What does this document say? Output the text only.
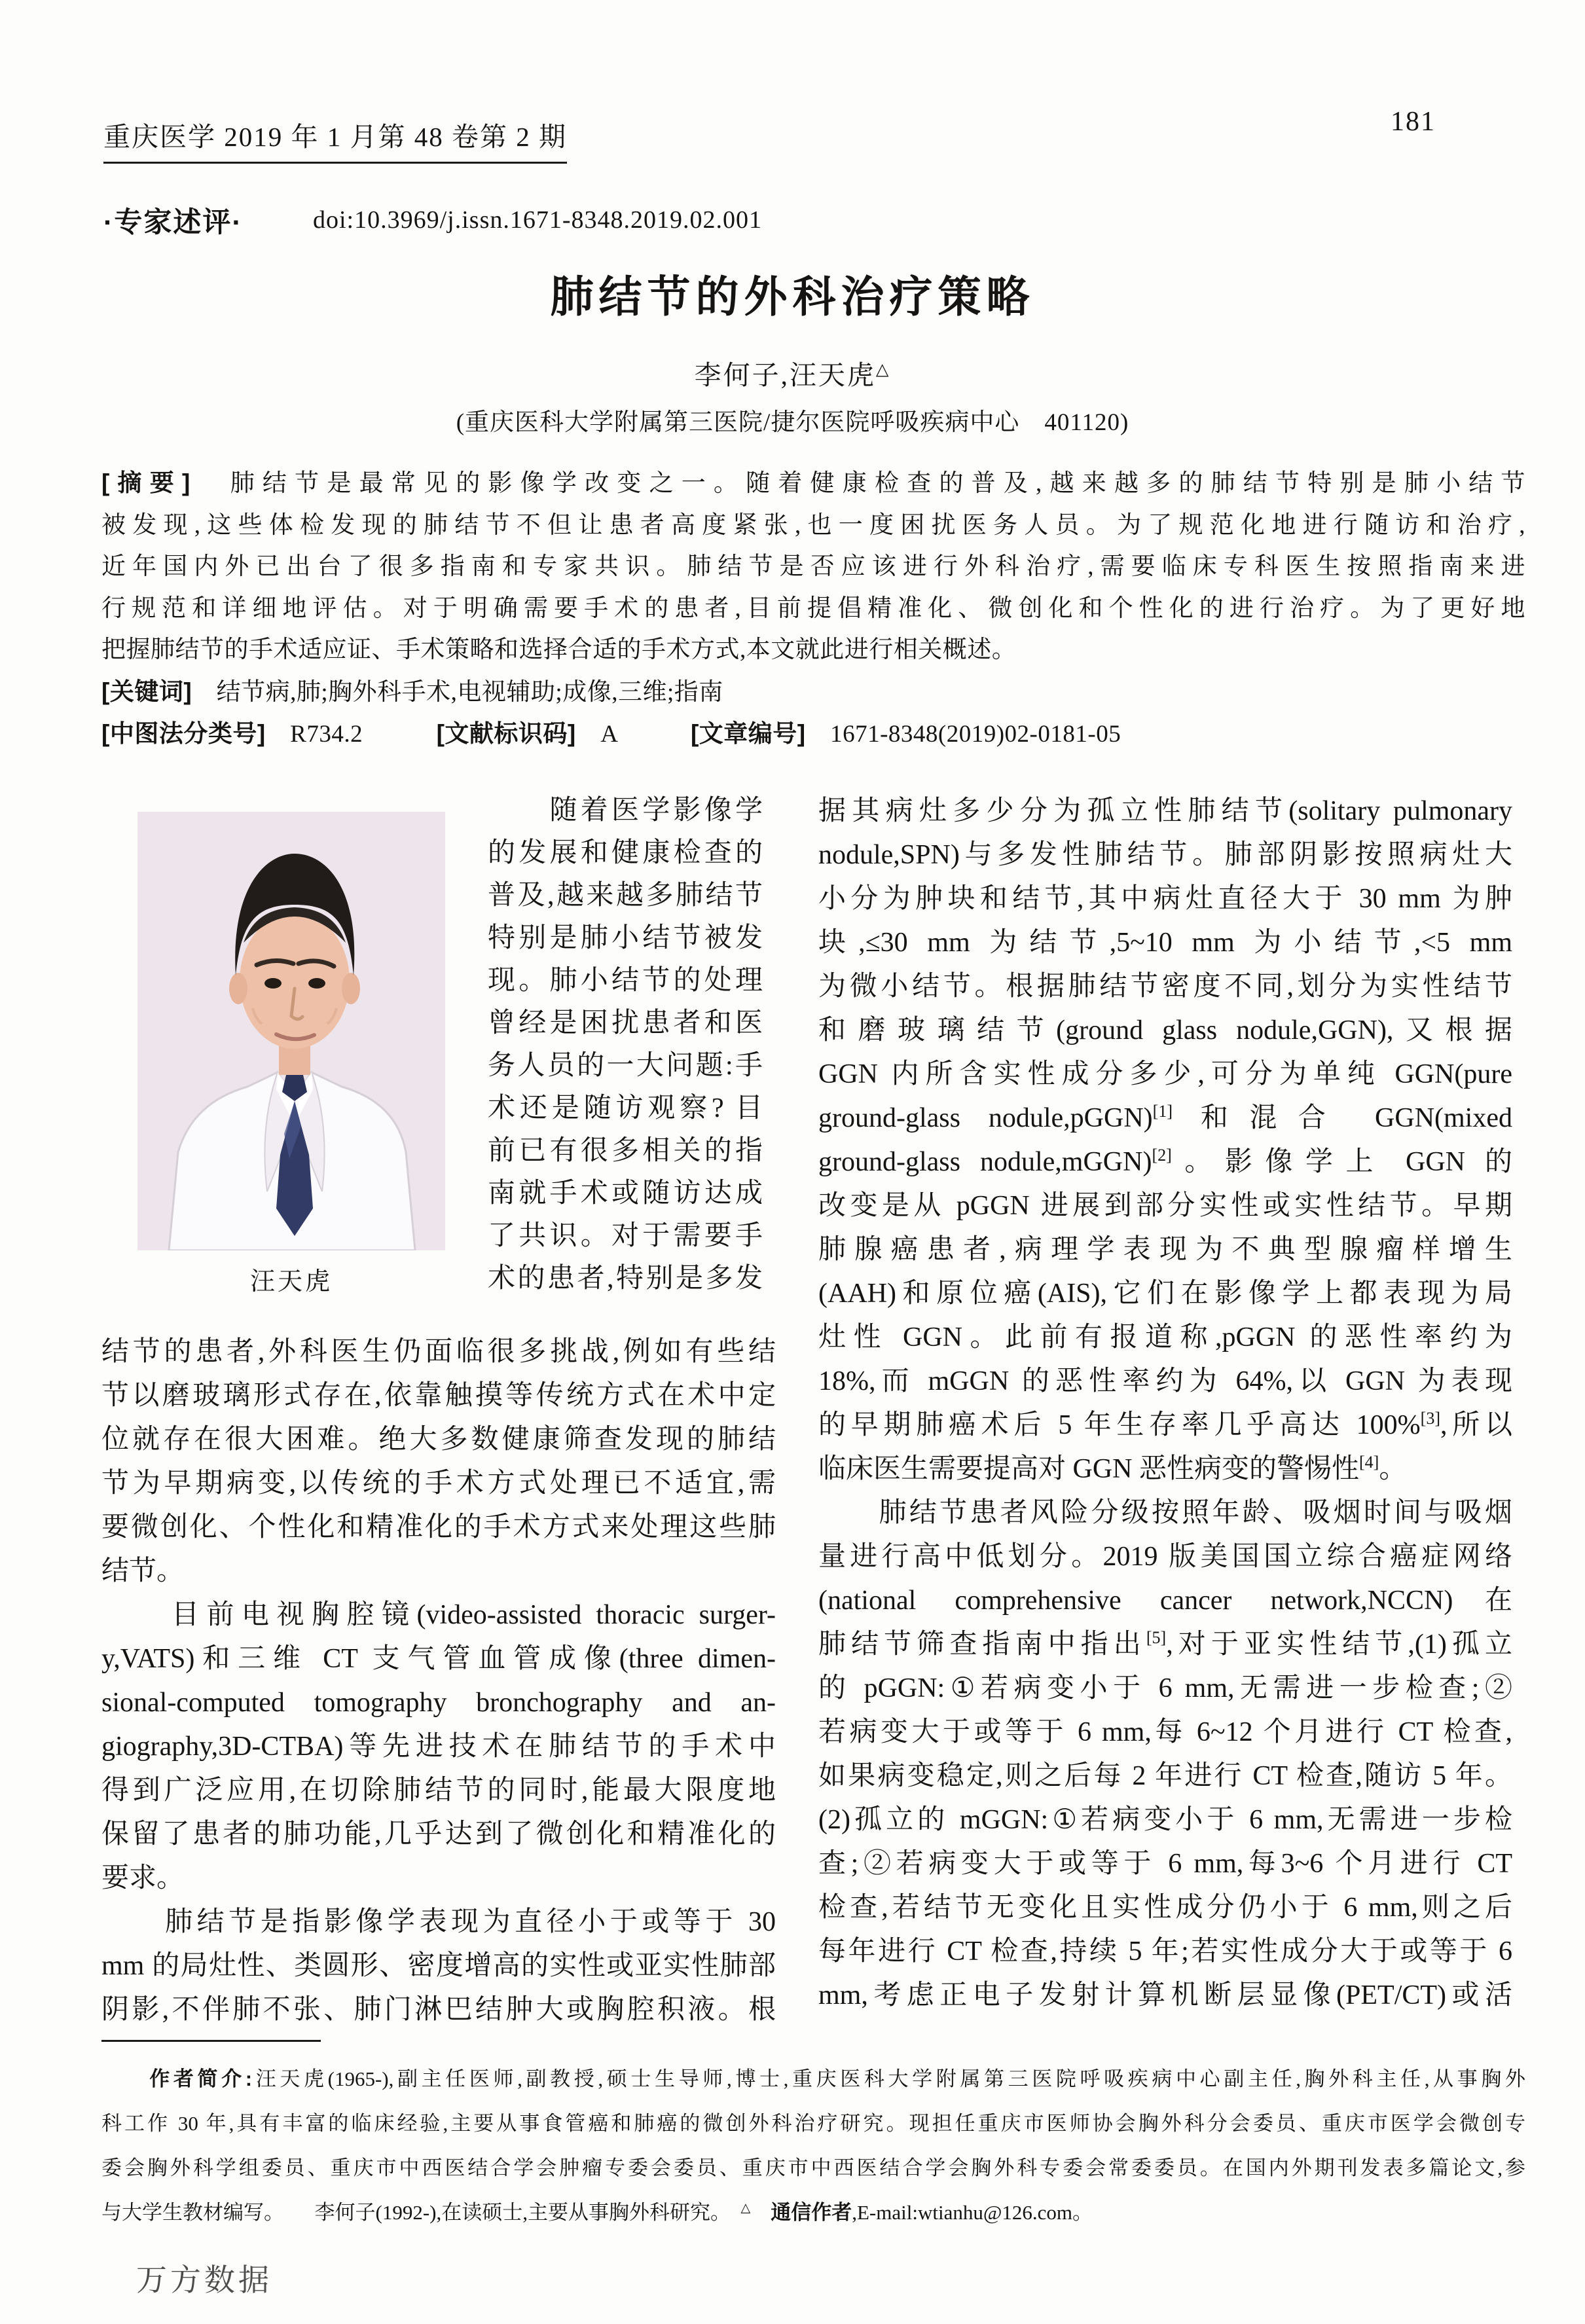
重庆医学 2019 年 1 月第 48 卷第 2 期	181
·专家述评·	doi:10.3969/j.issn.1671-8348.2019.02.001
肺结节的外科治疗策略
李何子,汪天虎△
(重庆医科大学附属第三医院/捷尔医院呼吸疾病中心　401120)
[摘要]　肺结节是最常见的影像学改变之一。随着健康检查的普及,越来越多的肺结节特别是肺小结节
被发现,这些体检发现的肺结节不但让患者高度紧张,也一度困扰医务人员。为了规范化地进行随访和治疗,
近年国内外已出台了很多指南和专家共识。肺结节是否应该进行外科治疗,需要临床专科医生按照指南来进
行规范和详细地评估。对于明确需要手术的患者,目前提倡精准化、微创化和个性化的进行治疗。为了更好地
把握肺结节的手术适应证、手术策略和选择合适的手术方式,本文就此进行相关概述。
[关键词]　结节病,肺;胸外科手术,电视辅助;成像,三维;指南
[中图法分类号]　R734.2　　　[文献标识码]　A　　　[文章编号]　1671-8348(2019)02-0181-05
汪天虎
　　随着医学影像学
的发展和健康检查的
普及,越来越多肺结节
特别是肺小结节被发
现。肺小结节的处理
曾经是困扰患者和医
务人员的一大问题:手
术还是随访观察? 目
前已有很多相关的指
南就手术或随访达成
了共识。对于需要手
术的患者,特别是多发
结节的患者,外科医生仍面临很多挑战,例如有些结
节以磨玻璃形式存在,依靠触摸等传统方式在术中定
位就存在很大困难。绝大多数健康筛查发现的肺结
节为早期病变,以传统的手术方式处理已不适宜,需
要微创化、个性化和精准化的手术方式来处理这些肺
结节。
　　目前电视胸腔镜(video-assisted thoracic surger-
y,VATS)和三维 CT 支气管血管成像(three dimen-
sional-computed tomography bronchography and an-
giography,3D-CTBA)等先进技术在肺结节的手术中
得到广泛应用,在切除肺结节的同时,能最大限度地
保留了患者的肺功能,几乎达到了微创化和精准化的
要求。
　　肺结节是指影像学表现为直径小于或等于 30
mm 的局灶性、类圆形、密度增高的实性或亚实性肺部
阴影,不伴肺不张、肺门淋巴结肿大或胸腔积液。根
据其病灶多少分为孤立性肺结节(solitary pulmonary
nodule,SPN)与多发性肺结节。肺部阴影按照病灶大
小分为肿块和结节,其中病灶直径大于 30 mm 为肿
块,≤30 mm 为结节,5~10 mm 为小结节,<5 mm
为微小结节。根据肺结节密度不同,划分为实性结节
和磨玻璃结节(ground glass nodule,GGN),又根据
GGN 内所含实性成分多少,可分为单纯 GGN(pure
ground-glass nodule,pGGN)[1] 和混合 GGN(mixed
ground-glass nodule,mGGN)[2]。影像学上 GGN 的
改变是从 pGGN 进展到部分实性或实性结节。早期
肺腺癌患者,病理学表现为不典型腺瘤样增生
(AAH)和原位癌(AIS),它们在影像学上都表现为局
灶性 GGN。此前有报道称,pGGN 的恶性率约为
18%,而 mGGN 的恶性率约为 64%,以 GGN 为表现
的早期肺癌术后 5 年生存率几乎高达 100%[3],所以
临床医生需要提高对 GGN 恶性病变的警惕性[4]。
　　肺结节患者风险分级按照年龄、吸烟时间与吸烟
量进行高中低划分。2019 版美国国立综合癌症网络
(national comprehensive cancer network,NCCN)在
肺结节筛查指南中指出[5],对于亚实性结节,(1)孤立
的 pGGN:①若病变小于 6 mm,无需进一步检查;②
若病变大于或等于 6 mm,每 6~12 个月进行 CT 检查,
如果病变稳定,则之后每 2 年进行 CT 检查,随访 5 年。
(2)孤立的 mGGN:①若病变小于 6 mm,无需进一步检
查;②若病变大于或等于 6 mm,每3~6 个月进行 CT
检查,若结节无变化且实性成分仍小于 6 mm,则之后
每年进行 CT 检查,持续 5 年;若实性成分大于或等于 6
mm,考虑正电子发射计算机断层显像(PET/CT)或活
　　作者简介:汪天虎(1965-),副主任医师,副教授,硕士生导师,博士,重庆医科大学附属第三医院呼吸疾病中心副主任,胸外科主任,从事胸外
科工作 30 年,具有丰富的临床经验,主要从事食管癌和肺癌的微创外科治疗研究。现担任重庆市医师协会胸外科分会委员、重庆市医学会微创专
委会胸外科学组委员、重庆市中西医结合学会肿瘤专委会委员、重庆市中西医结合学会胸外科专委会常委委员。在国内外期刊发表多篇论文,参
与大学生教材编写。　　李何子(1992-),在读硕士,主要从事胸外科研究。　△　 通信作者,E-mail:wtianhu@126.com。
万方数据
